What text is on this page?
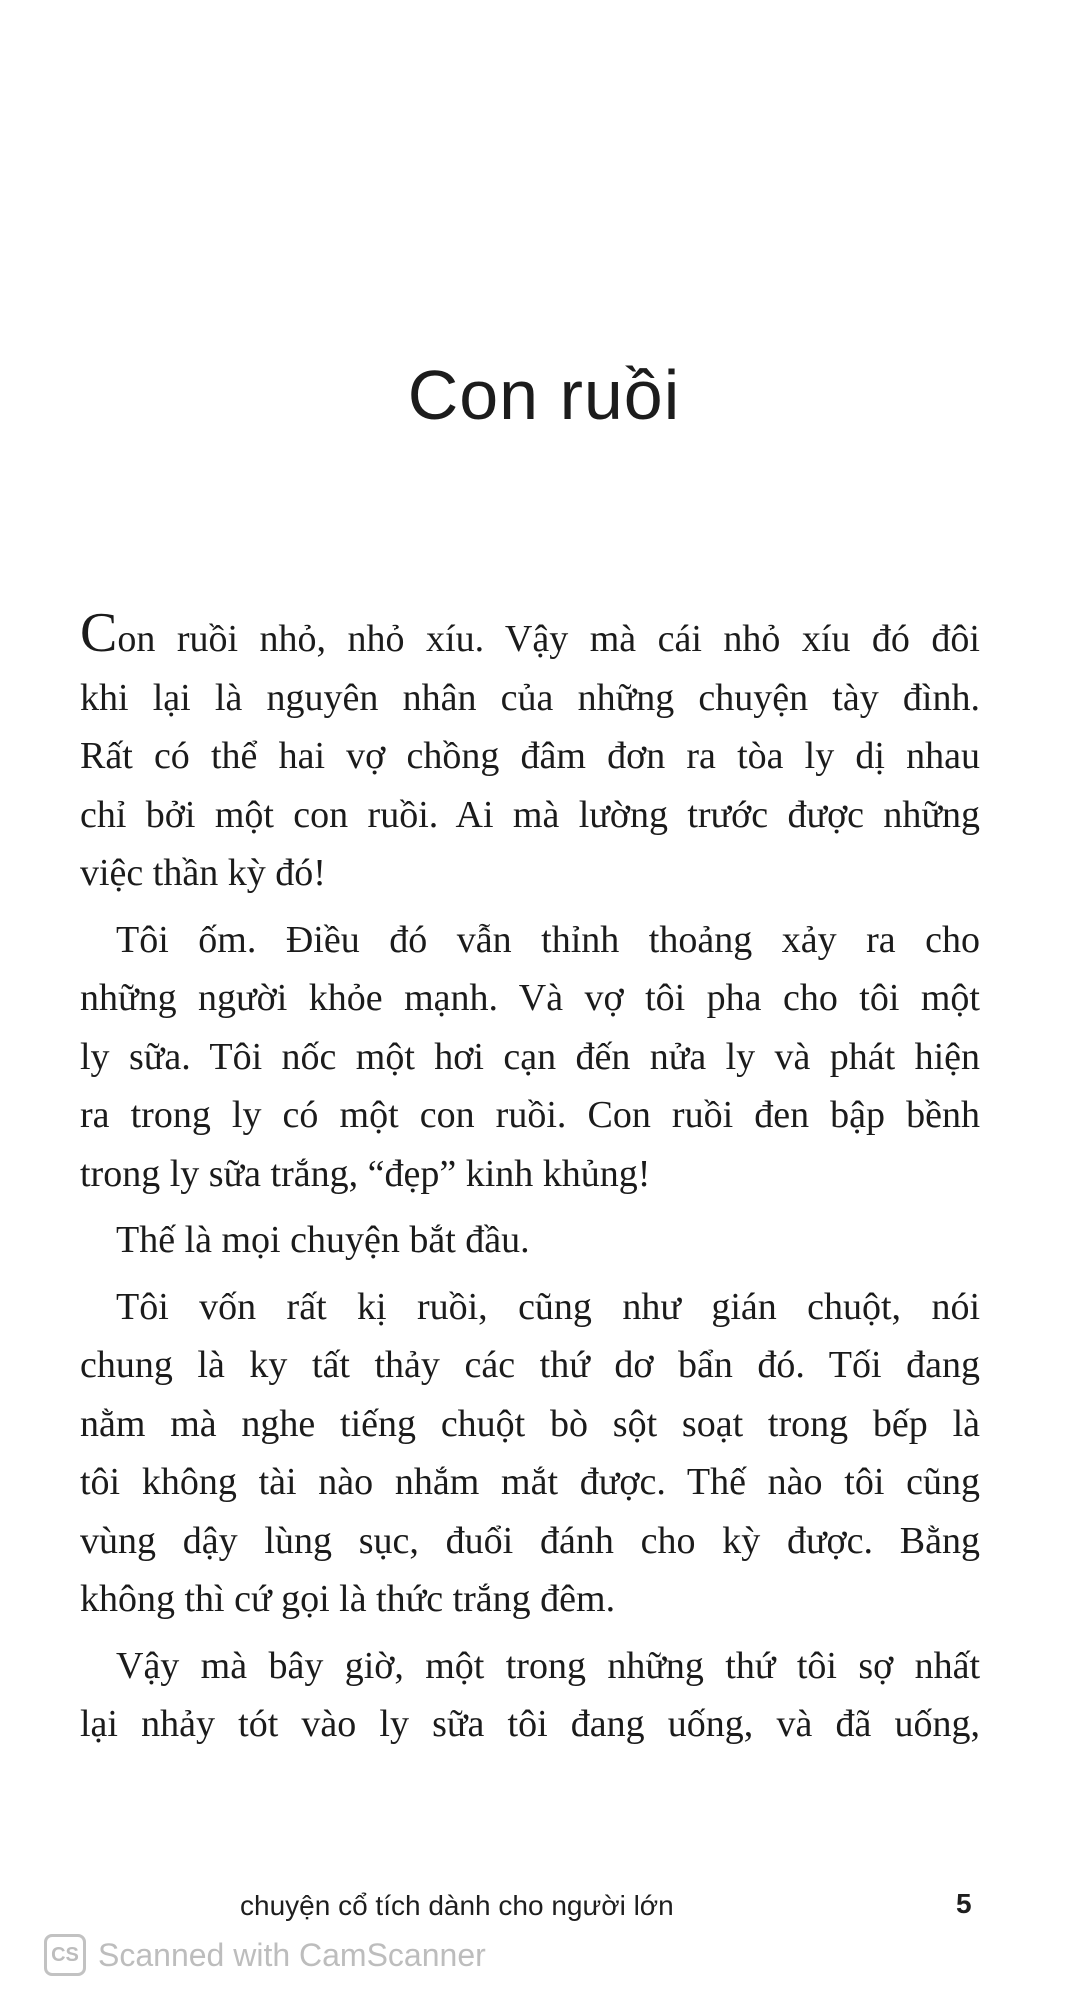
Con ruồi
Con ruồi nhỏ, nhỏ xíu. Vậy mà cái nhỏ xíu đó đôi
khi lại là nguyên nhân của những chuyện tày đình.
Rất có thể hai vợ chồng đâm đơn ra tòa ly dị nhau
chỉ bởi một con ruồi. Ai mà lường trước được những
việc thần kỳ đó!
Tôi ốm. Điều đó vẫn thỉnh thoảng xảy ra cho
những người khỏe mạnh. Và vợ tôi pha cho tôi một
ly sữa. Tôi nốc một hơi cạn đến nửa ly và phát hiện
ra trong ly có một con ruồi. Con ruồi đen bập bềnh
trong ly sữa trắng, “đẹp” kinh khủng!
Thế là mọi chuyện bắt đầu.
Tôi vốn rất kị ruồi, cũng như gián chuột, nói
chung là ky tất thảy các thứ dơ bẩn đó. Tối đang
nằm mà nghe tiếng chuột bò sột soạt trong bếp là
tôi không tài nào nhắm mắt được. Thế nào tôi cũng
vùng dậy lùng sục, đuổi đánh cho kỳ được. Bằng
không thì cứ gọi là thức trắng đêm.
Vậy mà bây giờ, một trong những thứ tôi sợ nhất
lại nhảy tót vào ly sữa tôi đang uống, và đã uống,
chuyện cổ tích dành cho người lớn	5
CS Scanned with CamScanner
